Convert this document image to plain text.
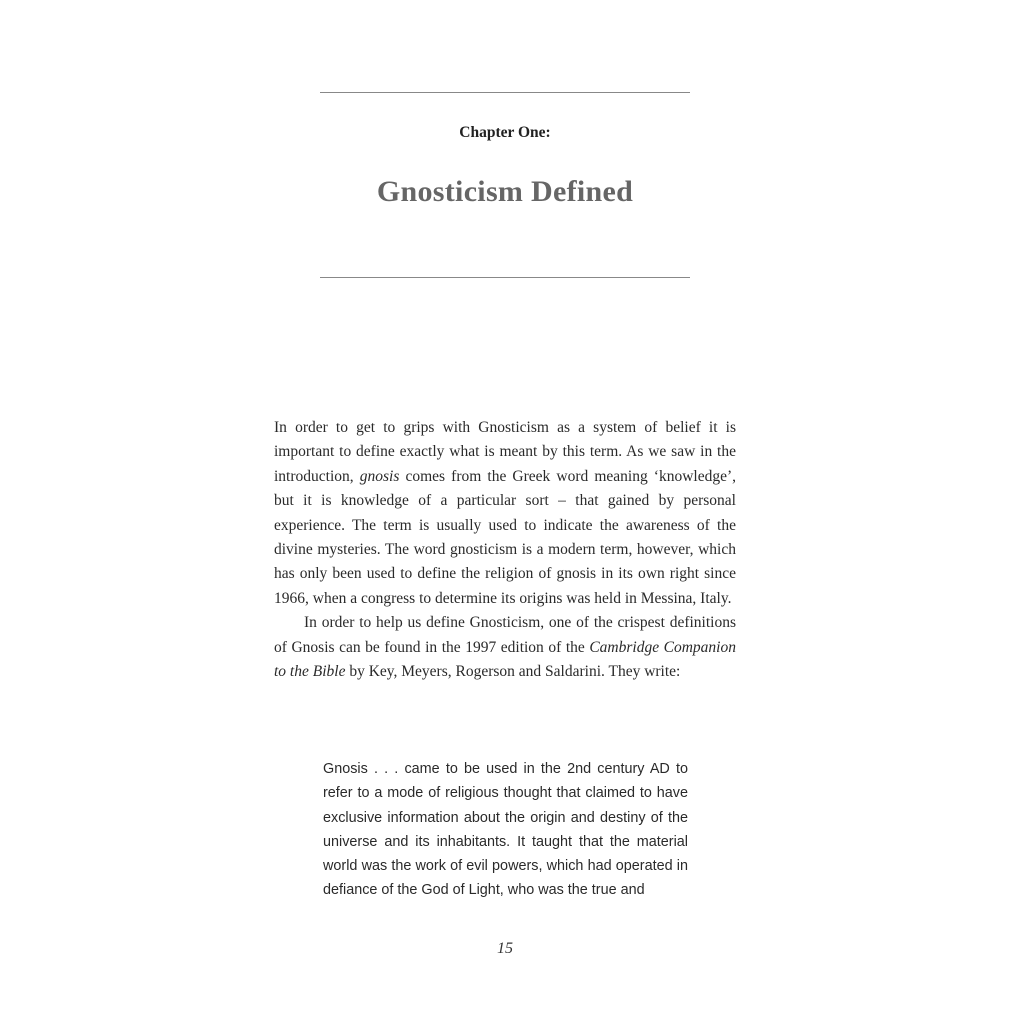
Chapter One:
Gnosticism Defined

In order to get to grips with Gnosticism as a system of belief it is important to define exactly what is meant by this term. As we saw in the introduction, gnosis comes from the Greek word meaning ‘knowledge’, but it is knowledge of a particular sort – that gained by personal experience. The term is usually used to indicate the awareness of the divine mysteries. The word gnosticism is a modern term, however, which has only been used to define the religion of gnosis in its own right since 1966, when a congress to determine its origins was held in Messina, Italy.

In order to help us define Gnosticism, one of the crispest definitions of Gnosis can be found in the 1997 edition of the Cambridge Companion to the Bible by Key, Meyers, Rogerson and Saldarini. They write:

Gnosis . . . came to be used in the 2nd century AD to refer to a mode of religious thought that claimed to have exclusive information about the origin and destiny of the universe and its inhabitants. It taught that the material world was the work of evil powers, which had operated in defiance of the God of Light, who was the true and

15
